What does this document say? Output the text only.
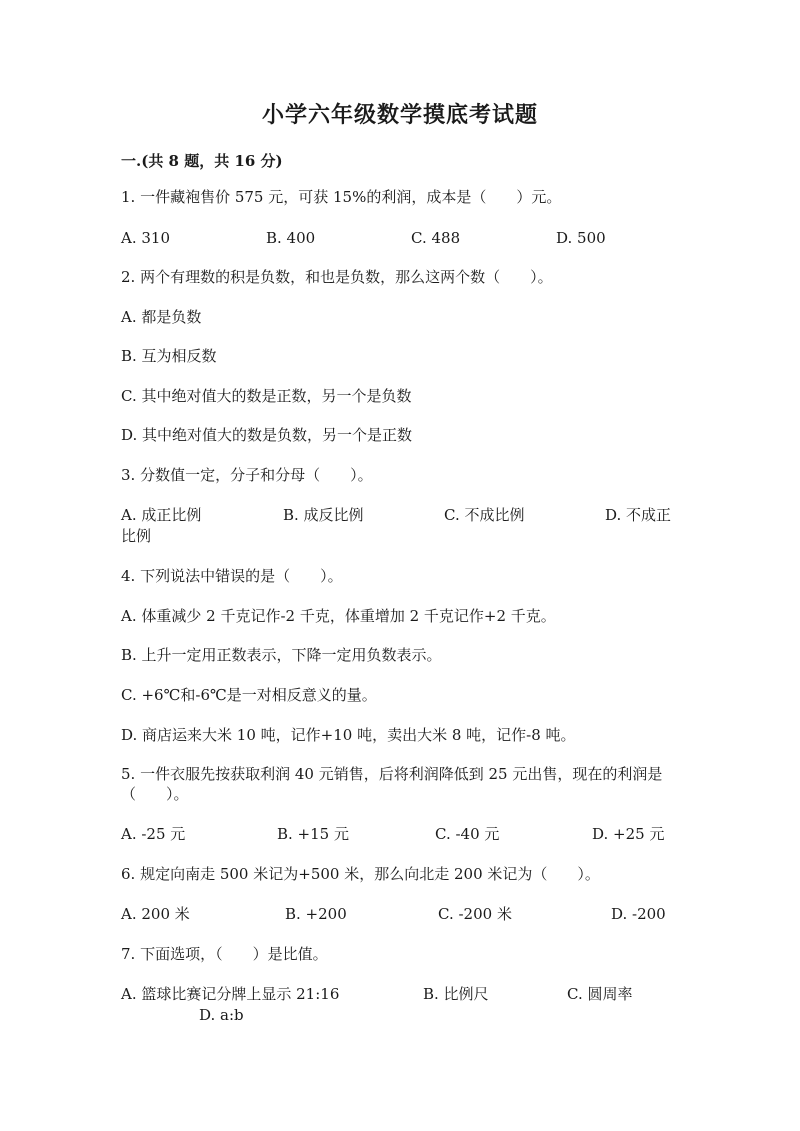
小学六年级数学摸底考试题
一.(共 8 题，共 16 分)
1. 一件藏袍售价 575 元，可获 15%的利润，成本是（　　）元。
A. 310	B. 400	C. 488	D. 500
2. 两个有理数的积是负数，和也是负数，那么这两个数（　　）。
A. 都是负数
B. 互为相反数
C. 其中绝对值大的数是正数，另一个是负数
D. 其中绝对值大的数是负数，另一个是正数
3. 分数值一定，分子和分母（　　）。
A. 成正比例	B. 成反比例	C. 不成比例	D. 不成正
比例
4. 下列说法中错误的是（　　）。
A. 体重减少 2 千克记作-2 千克，体重增加 2 千克记作+2 千克。
B. 上升一定用正数表示，下降一定用负数表示。
C. +6℃和-6℃是一对相反意义的量。
D. 商店运来大米 10 吨，记作+10 吨，卖出大米 8 吨，记作-8 吨。
5. 一件衣服先按获取利润 40 元销售，后将利润降低到 25 元出售，现在的利润是（　　）。
A. -25 元	B. +15 元	C. -40 元	D. +25 元
6. 规定向南走 500 米记为+500 米，那么向北走 200 米记为（　　）。
A. 200 米	B. +200	C. -200 米	D. -200
7. 下面选项，（　　）是比值。
A. 篮球比赛记分牌上显示 21:16	B. 比例尺	C. 圆周率
D. a:b
